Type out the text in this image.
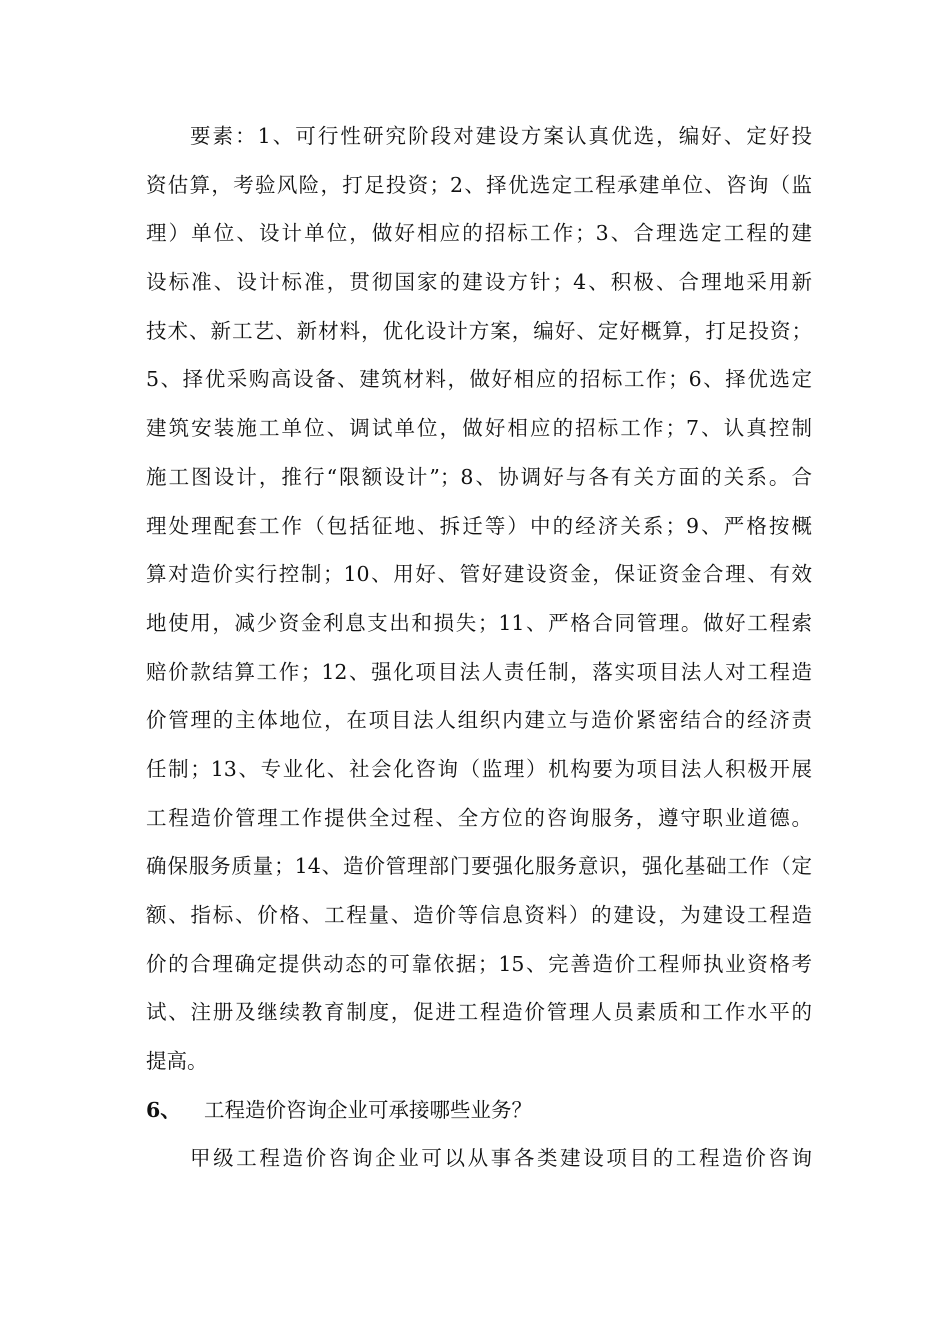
要素：1、可行性研究阶段对建设方案认真优选，编好、定好投
资估算，考验风险，打足投资；2、择优选定工程承建单位、咨询（监
理）单位、设计单位，做好相应的招标工作；3、合理选定工程的建
设标准、设计标准，贯彻国家的建设方针；4、积极、合理地采用新
技术、新工艺、新材料，优化设计方案，编好、定好概算，打足投资；
5、择优采购高设备、建筑材料，做好相应的招标工作；6、择优选定
建筑安装施工单位、调试单位，做好相应的招标工作；7、认真控制
施工图设计，推行“限额设计”；8、协调好与各有关方面的关系。合
理处理配套工作（包括征地、拆迁等）中的经济关系；9、严格按概
算对造价实行控制；10、用好、管好建设资金，保证资金合理、有效
地使用，减少资金利息支出和损失；11、严格合同管理。做好工程索
赔价款结算工作；12、强化项目法人责任制，落实项目法人对工程造
价管理的主体地位，在项目法人组织内建立与造价紧密结合的经济责
任制；13、专业化、社会化咨询（监理）机构要为项目法人积极开展
工程造价管理工作提供全过程、全方位的咨询服务，遵守职业道德。
确保服务质量；14、造价管理部门要强化服务意识，强化基础工作（定
额、指标、价格、工程量、造价等信息资料）的建设，为建设工程造
价的合理确定提供动态的可靠依据；15、完善造价工程师执业资格考
试、注册及继续教育制度，促进工程造价管理人员素质和工作水平的
提高。
6、	工程造价咨询企业可承接哪些业务？
甲级工程造价咨询企业可以从事各类建设项目的工程造价咨询
